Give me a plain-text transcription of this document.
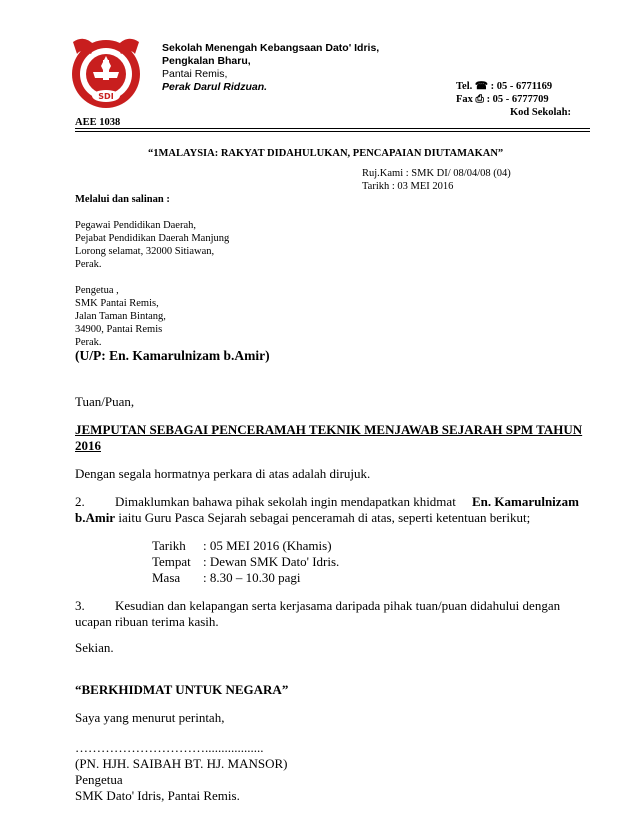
SDI
Sekolah Menengah Kebangsaan Dato' Idris,
Pengkalan Bharu,
Pantai Remis,
Perak Darul Ridzuan.	Tel. ☎ : 05 - 6771169
Fax ⎙ : 05 - 6777709
Kod Sekolah:
AEE 1038
“1MALAYSIA: RAKYAT DIDAHULUKAN, PENCAPAIAN DIUTAMAKAN”
Ruj.Kami : SMK DI/ 08/04/08 (04)
Tarikh : 03 MEI 2016
Melalui dan salinan :
Pegawai Pendidikan Daerah,
Pejabat Pendidikan Daerah Manjung
Lorong selamat, 32000 Sitiawan,
Perak.
Pengetua ,
SMK Pantai Remis,
Jalan Taman Bintang,
34900, Pantai Remis
Perak.
(U/P: En. Kamarulnizam b.Amir)
Tuan/Puan,
JEMPUTAN SEBAGAI PENCERAMAH TEKNIK MENJAWAB SEJARAH SPM TAHUN
2016
Dengan segala hormatnya perkara di atas adalah dirujuk.
2. Dimaklumkan bahawa pihak sekolah ingin mendapatkan khidmat En. Kamarulnizam
b.Amir iaitu Guru Pasca Sejarah sebagai penceramah di atas, seperti ketentuan berikut;
Tarikh : 05 MEI 2016 (Khamis)
Tempat : Dewan SMK Dato' Idris.
Masa : 8.30 – 10.30 pagi
3. Kesudian dan kelapangan serta kerjasama daripada pihak tuan/puan didahului dengan
ucapan ribuan terima kasih.
Sekian.
“BERKHIDMAT UNTUK NEGARA”
Saya yang menurut perintah,
…………………………..................
(PN. HJH. SAIBAH BT. HJ. MANSOR)
Pengetua
SMK Dato' Idris, Pantai Remis.
